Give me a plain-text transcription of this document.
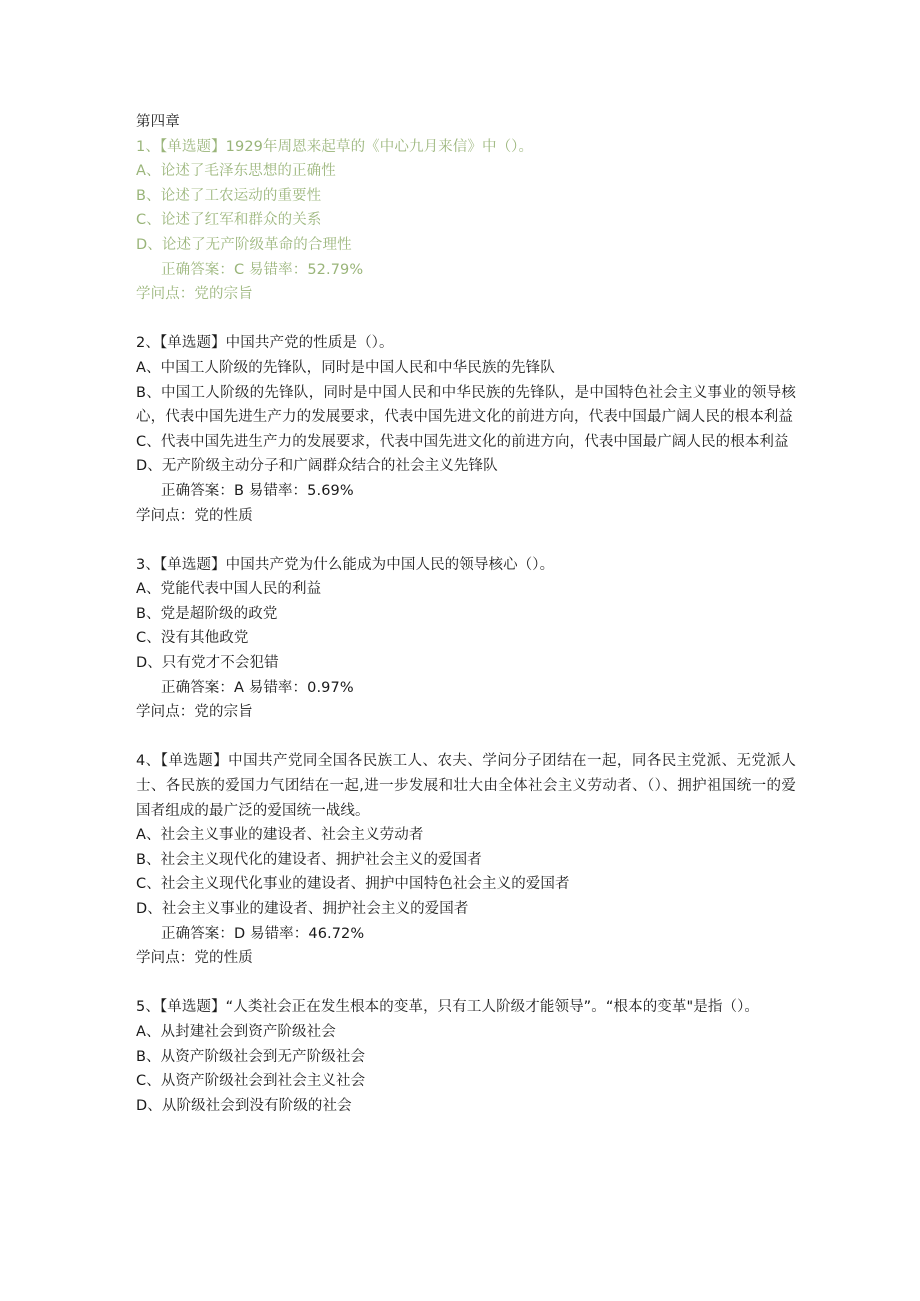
第四章
1、【单选题】1929年周恩来起草的《中心九月来信》中（）。
A、论述了毛泽东思想的正确性
B、论述了工农运动的重要性
C、论述了红军和群众的关系
D、论述了无产阶级革命的合理性
正确答案：C 易错率：52.79%
学问点：党的宗旨
2、【单选题】中国共产党的性质是（）。
A、中国工人阶级的先锋队，同时是中国人民和中华民族的先锋队
B、中国工人阶级的先锋队，同时是中国人民和中华民族的先锋队，是中国特色社会主义事业的领导核心，代表中国先进生产力的发展要求，代表中国先进文化的前进方向，代表中国最广阔人民的根本利益
C、代表中国先进生产力的发展要求，代表中国先进文化的前进方向，代表中国最广阔人民的根本利益
D、无产阶级主动分子和广阔群众结合的社会主义先锋队
正确答案：B 易错率：5.69%
学问点：党的性质
3、【单选题】中国共产党为什么能成为中国人民的领导核心（）。
A、党能代表中国人民的利益
B、党是超阶级的政党
C、没有其他政党
D、只有党才不会犯错
正确答案：A 易错率：0.97%
学问点：党的宗旨
4、【单选题】中国共产党同全国各民族工人、农夫、学问分子团结在一起，同各民主党派、无党派人士、各民族的爱国力气团结在一起,进一步发展和壮大由全体社会主义劳动者、（）、拥护祖国统一的爱国者组成的最广泛的爱国统一战线。
A、社会主义事业的建设者、社会主义劳动者
B、社会主义现代化的建设者、拥护社会主义的爱国者
C、社会主义现代化事业的建设者、拥护中国特色社会主义的爱国者
D、社会主义事业的建设者、拥护社会主义的爱国者
正确答案：D 易错率：46.72%
学问点：党的性质
5、【单选题】“人类社会正在发生根本的变革，只有工人阶级才能领导”。“根本的变革"是指（）。
A、从封建社会到资产阶级社会
B、从资产阶级社会到无产阶级社会
C、从资产阶级社会到社会主义社会
D、从阶级社会到没有阶级的社会
